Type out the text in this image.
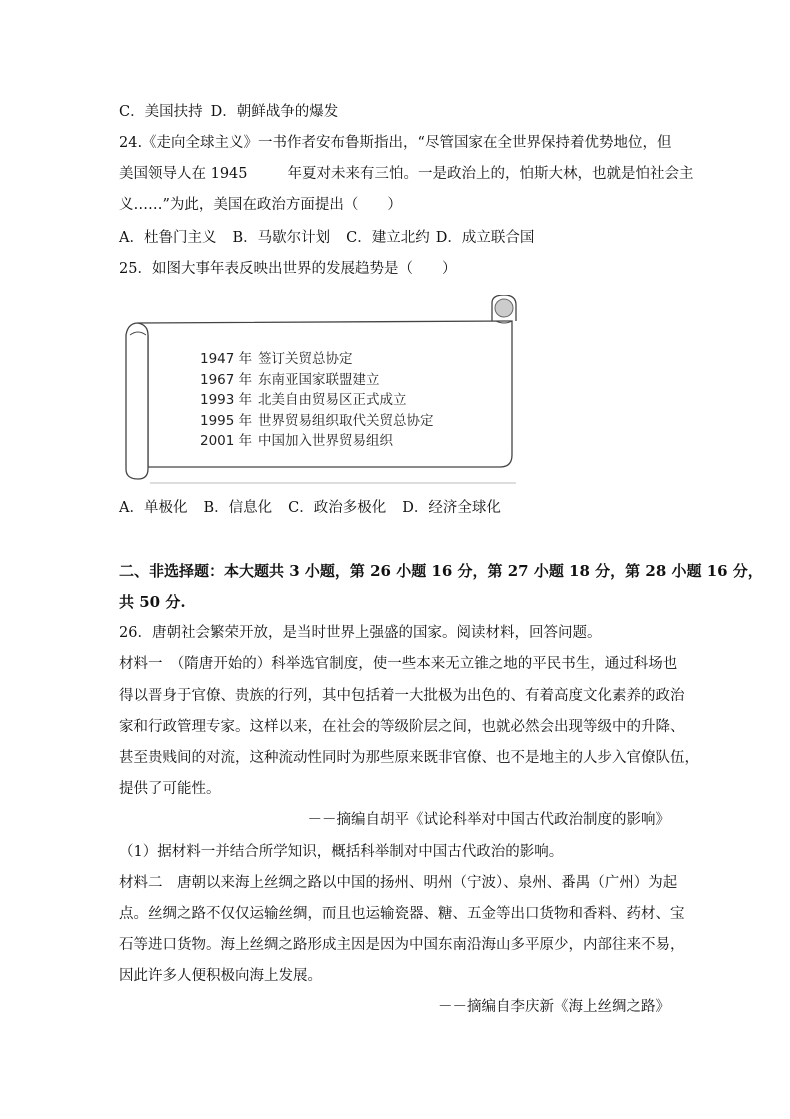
C．美国扶持 D．朝鲜战争的爆发
24.《走向全球主义》一书作者安布鲁斯指出，“尽管国家在全世界保持着优势地位，但
美国领导人在 1945	年夏对未来有三怕。一是政治上的，怕斯大林，也就是怕社会主
义……”为此，美国在政治方面提出（　　）
A．杜鲁门主义 B．马歇尔计划 C．建立北约 D．成立联合国
25．如图大事年表反映出世界的发展趋势是（　　）
1947 年 签订关贸总协定
1967 年 东南亚国家联盟建立
1993 年 北美自由贸易区正式成立
1995 年 世界贸易组织取代关贸总协定
2001 年 中国加入世界贸易组织
A．单极化 B．信息化 C．政治多极化 D．经济全球化
二、非选择题：本大题共 3 小题，第 26 小题 16 分，第 27 小题 18 分，第 28 小题 16 分，
共 50 分.
26．唐朝社会繁荣开放，是当时世界上强盛的国家。阅读材料，回答问题。
材料一　（隋唐开始的）科举选官制度，使一些本来无立锥之地的平民书生，通过科场也
得以晋身于官僚、贵族的行列，其中包括着一大批极为出色的、有着高度文化素养的政治
家和行政管理专家。这样以来，在社会的等级阶层之间，也就必然会出现等级中的升降、
甚至贵贱间的对流，这种流动性同时为那些原来既非官僚、也不是地主的人步入官僚队伍，
提供了可能性。
－－摘编自胡平《试论科举对中国古代政治制度的影响》
（1）据材料一并结合所学知识，概括科举制对中国古代政治的影响。
材料二　唐朝以来海上丝绸之路以中国的扬州、明州（宁波）、泉州、番禺（广州）为起
点。丝绸之路不仅仅运输丝绸，而且也运输瓷器、糖、五金等出口货物和香料、药材、宝
石等进口货物。海上丝绸之路形成主因是因为中国东南沿海山多平原少，内部往来不易，
因此许多人便积极向海上发展。
－－摘编自李庆新《海上丝绸之路》
